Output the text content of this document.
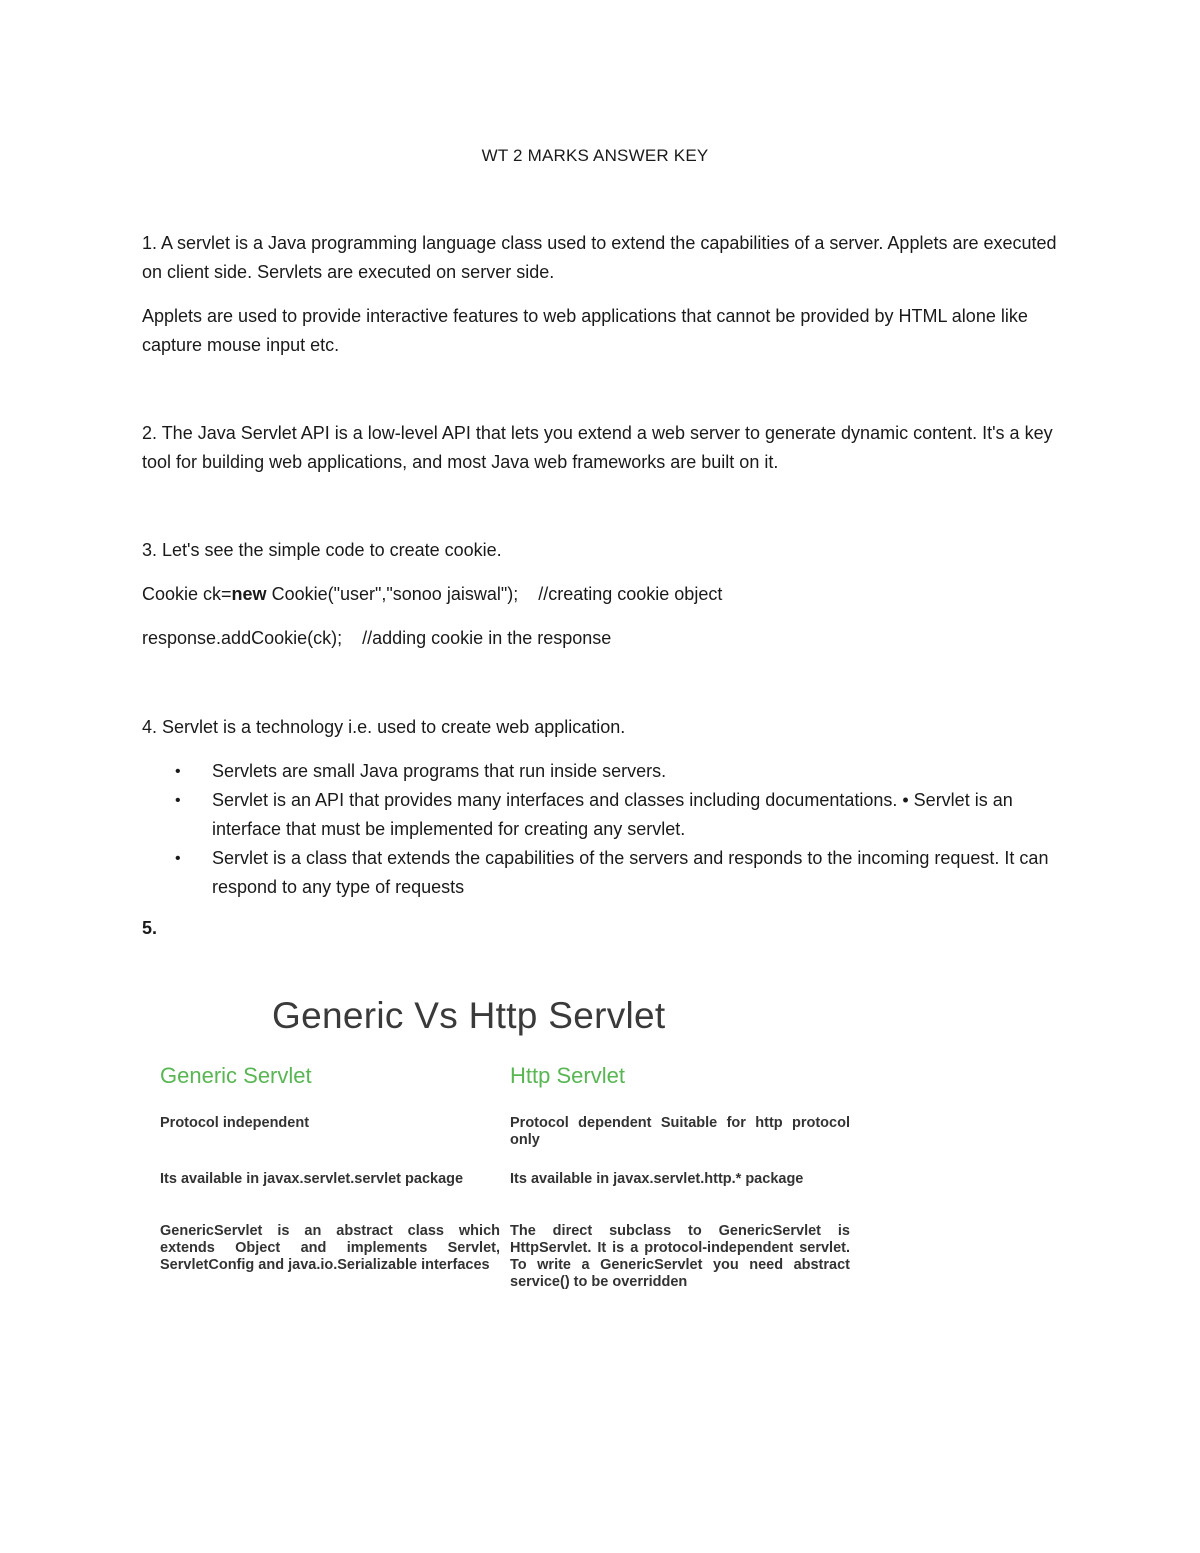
WT 2 MARKS ANSWER KEY

1. A servlet is a Java programming language class used to extend the capabilities of a server. Applets are executed on client side. Servlets are executed on server side.

Applets are used to provide interactive features to web applications that cannot be provided by HTML alone like capture mouse input etc.

2. The Java Servlet API is a low-level API that lets you extend a web server to generate dynamic content. It's a key tool for building web applications, and most Java web frameworks are built on it.

3. Let's see the simple code to create cookie.

Cookie ck=new Cookie("user","sonoo jaiswal");    //creating cookie object
response.addCookie(ck);    //adding cookie in the response

4. Servlet is a technology i.e. used to create web application.

• Servlets are small Java programs that run inside servers.
• Servlet is an API that provides many interfaces and classes including documentations. • Servlet is an interface that must be implemented for creating any servlet.
• Servlet is a class that extends the capabilities of the servers and responds to the incoming request. It can respond to any type of requests
5.
Generic Vs Http Servlet
Generic Servlet
Protocol independent
Its available in javax.servlet.servlet package
GenericServlet is an abstract class which extends Object and implements Servlet, ServletConfig and java.io.Serializable interfaces
Http Servlet
Protocol dependent Suitable for http protocol only
Its available in javax.servlet.http.* package
The direct subclass to GenericServlet is HttpServlet. It is a protocol-independent servlet. To write a GenericServlet you need abstract service() to be overridden
